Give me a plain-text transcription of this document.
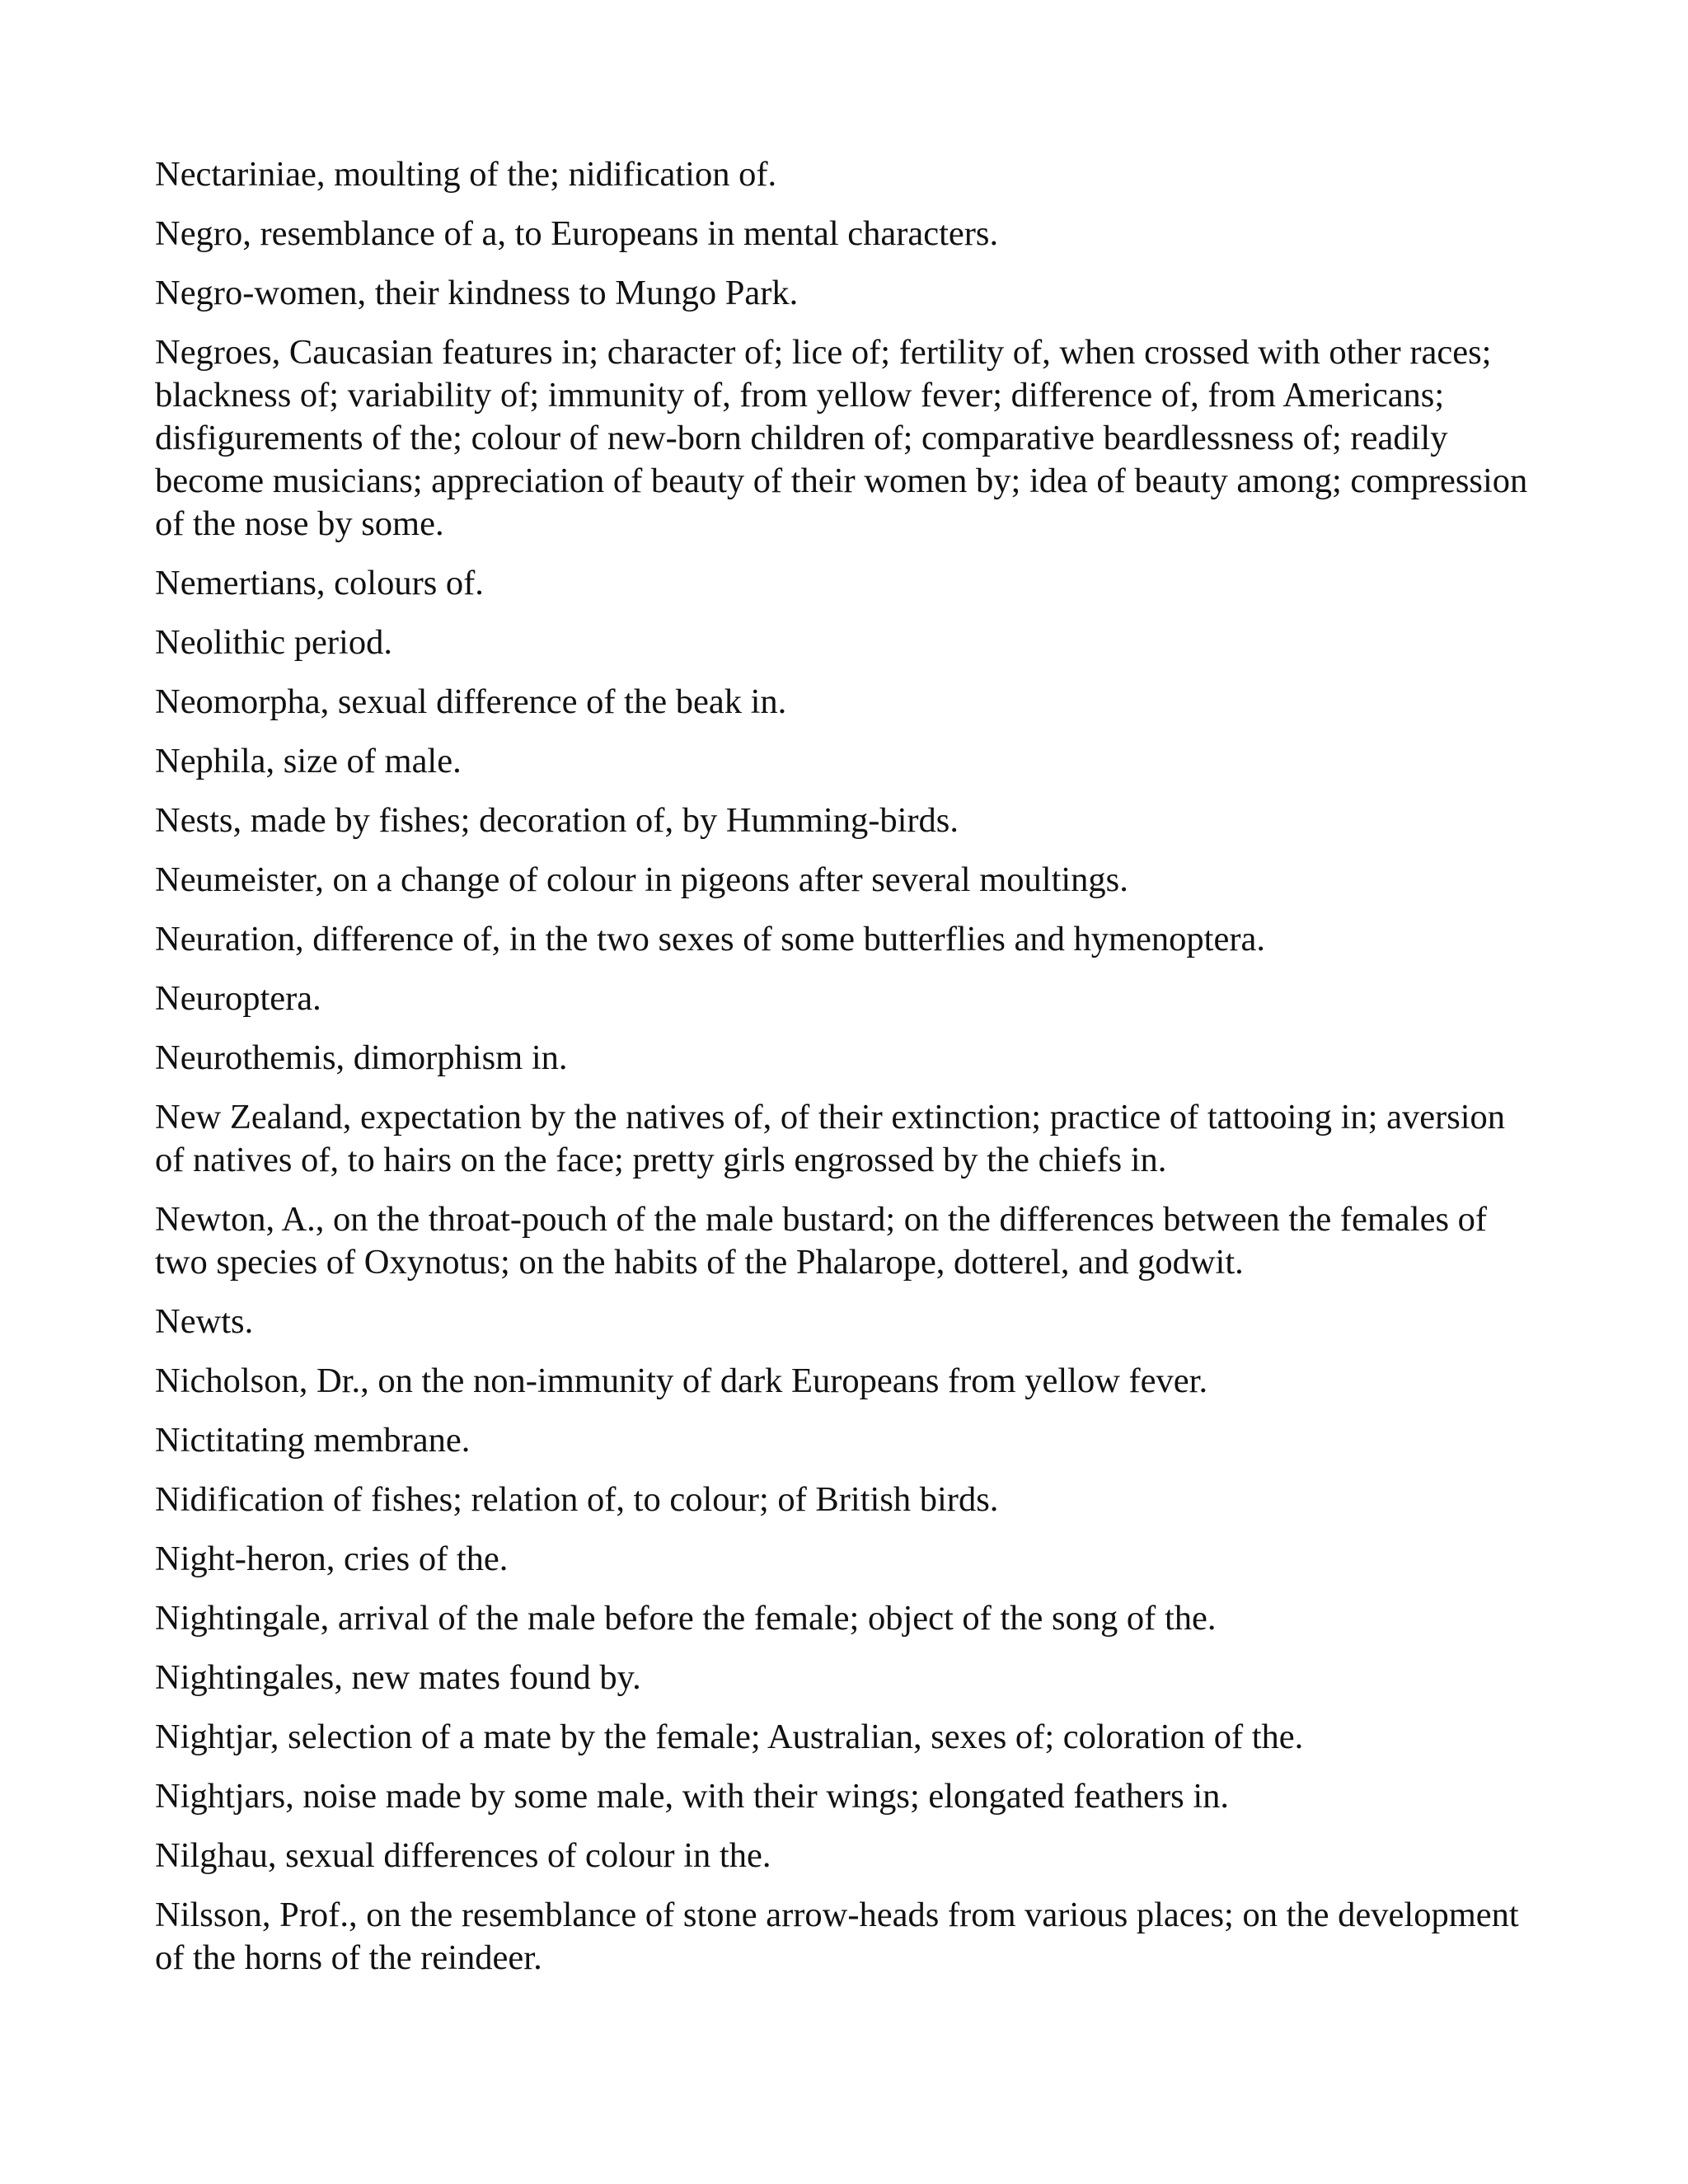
Nectariniae, moulting of the; nidification of.

Negro, resemblance of a, to Europeans in mental characters.

Negro-women, their kindness to Mungo Park.

Negroes, Caucasian features in; character of; lice of; fertility of, when crossed with other races; blackness of; variability of; immunity of, from yellow fever; difference of, from Americans; disfigurements of the; colour of new-born children of; comparative beardlessness of; readily become musicians; appreciation of beauty of their women by; idea of beauty among; compression of the nose by some.

Nemertians, colours of.

Neolithic period.

Neomorpha, sexual difference of the beak in.

Nephila, size of male.

Nests, made by fishes; decoration of, by Humming-birds.

Neumeister, on a change of colour in pigeons after several moultings.

Neuration, difference of, in the two sexes of some butterflies and hymenoptera.

Neuroptera.

Neurothemis, dimorphism in.

New Zealand, expectation by the natives of, of their extinction; practice of tattooing in; aversion of natives of, to hairs on the face; pretty girls engrossed by the chiefs in.

Newton, A., on the throat-pouch of the male bustard; on the differences between the females of two species of Oxynotus; on the habits of the Phalarope, dotterel, and godwit.

Newts.

Nicholson, Dr., on the non-immunity of dark Europeans from yellow fever.

Nictitating membrane.

Nidification of fishes; relation of, to colour; of British birds.

Night-heron, cries of the.

Nightingale, arrival of the male before the female; object of the song of the.

Nightingales, new mates found by.

Nightjar, selection of a mate by the female; Australian, sexes of; coloration of the.

Nightjars, noise made by some male, with their wings; elongated feathers in.

Nilghau, sexual differences of colour in the.

Nilsson, Prof., on the resemblance of stone arrow-heads from various places; on the development of the horns of the reindeer.
